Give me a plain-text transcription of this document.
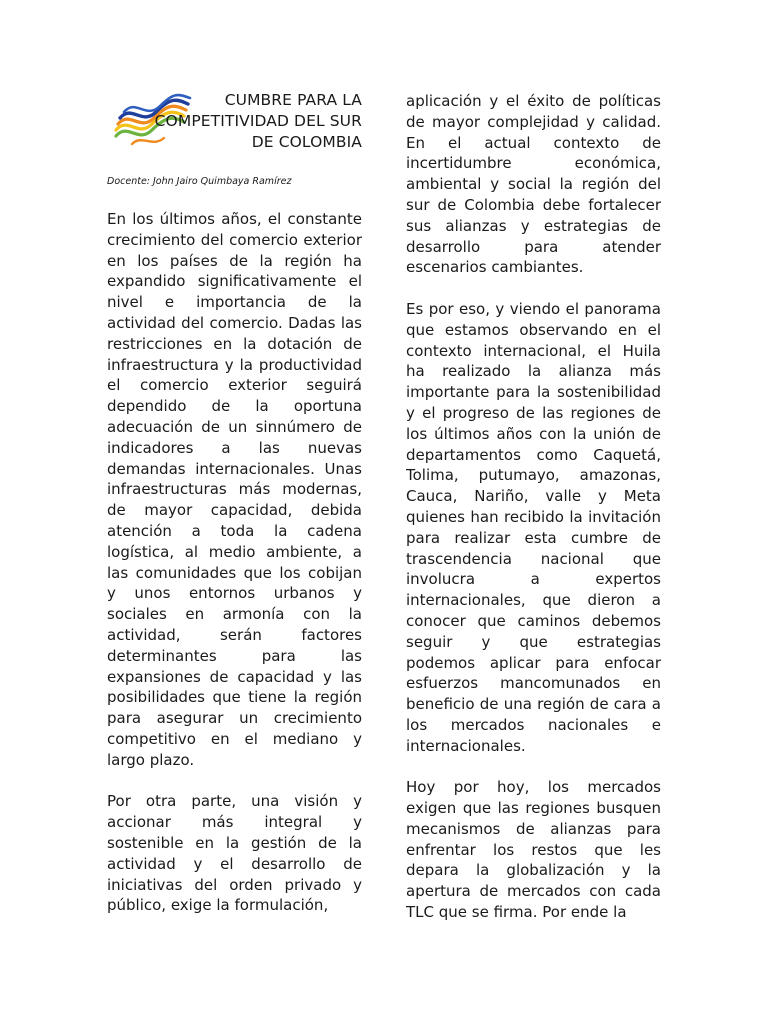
CUMBRE PARA LA
COMPETITIVIDAD DEL SUR
DE COLOMBIA
Docente: John Jairo Quimbaya Ramírez

En los últimos años, el constante crecimiento del comercio exterior en los países de la región ha expandido significativamente el nivel e importancia de la actividad del comercio. Dadas las restricciones en la dotación de infraestructura y la productividad el comercio exterior seguirá dependido de la oportuna adecuación de un sinnúmero de indicadores a las nuevas demandas internacionales. Unas infraestructuras más modernas, de mayor capacidad, debida atención a toda la cadena logística, al medio ambiente, a las comunidades que los cobijan y unos entornos urbanos y sociales en armonía con la actividad, serán factores determinantes para las expansiones de capacidad y las posibilidades que tiene la región para asegurar un crecimiento competitivo en el mediano y largo plazo.

Por otra parte, una visión y accionar más integral y sostenible en la gestión de la actividad y el desarrollo de iniciativas del orden privado y público, exige la formulación,

aplicación y el éxito de políticas de mayor complejidad y calidad. En el actual contexto de incertidumbre económica, ambiental y social la región del sur de Colombia debe fortalecer sus alianzas y estrategias de desarrollo para atender escenarios cambiantes.

Es por eso, y viendo el panorama que estamos observando en el contexto internacional, el Huila ha realizado la alianza más importante para la sostenibilidad y el progreso de las regiones de los últimos años con la unión de departamentos como Caquetá, Tolima, putumayo, amazonas, Cauca, Nariño, valle y Meta quienes han recibido la invitación para realizar esta cumbre de trascendencia nacional que involucra a expertos internacionales, que dieron a conocer que caminos debemos seguir y que estrategias podemos aplicar para enfocar esfuerzos mancomunados en beneficio de una región de cara a los mercados nacionales e internacionales.

Hoy por hoy, los mercados exigen que las regiones busquen mecanismos de alianzas para enfrentar los restos que les depara la globalización y la apertura de mercados con cada TLC que se firma. Por ende la
